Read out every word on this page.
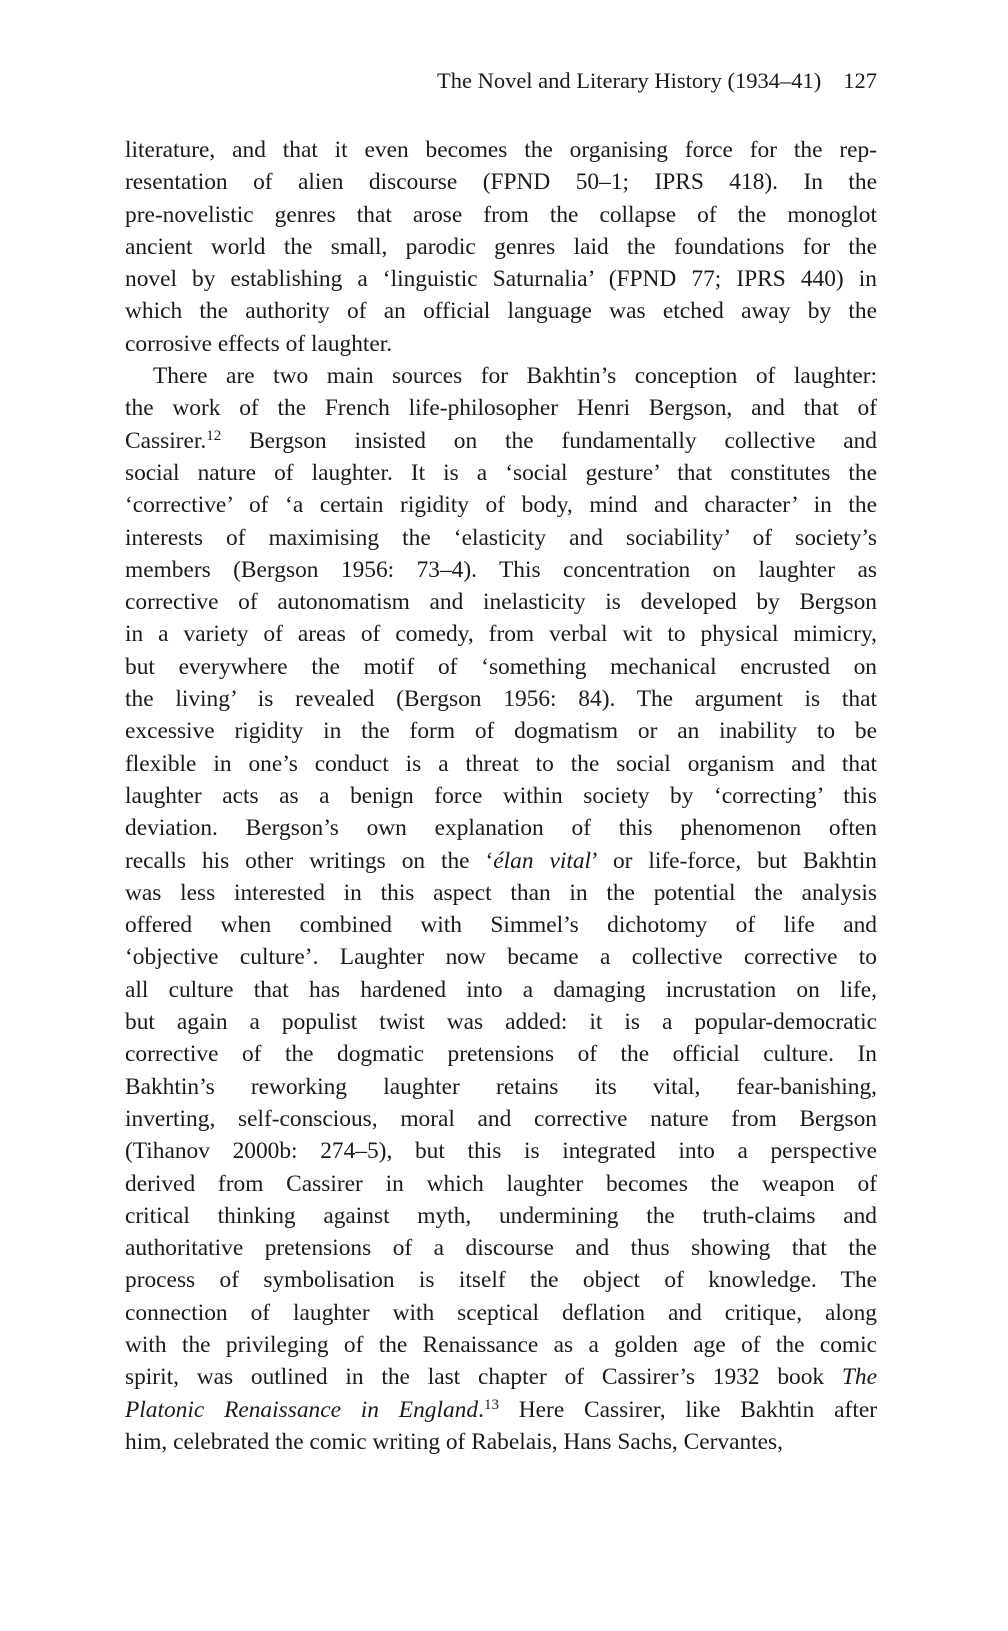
The Novel and Literary History (1934–41) 127
literature, and that it even becomes the organising force for the rep-
resentation of alien discourse (FPND 50–1; IPRS 418). In the
pre-novelistic genres that arose from the collapse of the monoglot
ancient world the small, parodic genres laid the foundations for the
novel by establishing a ‘linguistic Saturnalia’ (FPND 77; IPRS 440) in
which the authority of an official language was etched away by the
corrosive effects of laughter.
There are two main sources for Bakhtin’s conception of laughter:
the work of the French life-philosopher Henri Bergson, and that of
Cassirer.$^{12}$ Bergson insisted on the fundamentally collective and
social nature of laughter. It is a ‘social gesture’ that constitutes the
‘corrective’ of ‘a certain rigidity of body, mind and character’ in the
interests of maximising the ‘elasticity and sociability’ of society’s
members (Bergson 1956: 73–4). This concentration on laughter as
corrective of autonomatism and inelasticity is developed by Bergson
in a variety of areas of comedy, from verbal wit to physical mimicry,
but everywhere the motif of ‘something mechanical encrusted on
the living’ is revealed (Bergson 1956: 84). The argument is that
excessive rigidity in the form of dogmatism or an inability to be
flexible in one’s conduct is a threat to the social organism and that
laughter acts as a benign force within society by ‘correcting’ this
deviation. Bergson’s own explanation of this phenomenon often
recalls his other writings on the ‘élan vital’ or life-force, but Bakhtin
was less interested in this aspect than in the potential the analysis
offered when combined with Simmel’s dichotomy of life and
‘objective culture’. Laughter now became a collective corrective to
all culture that has hardened into a damaging incrustation on life,
but again a populist twist was added: it is a popular-democratic
corrective of the dogmatic pretensions of the official culture. In
Bakhtin’s reworking laughter retains its vital, fear-banishing,
inverting, self-conscious, moral and corrective nature from Bergson
(Tihanov 2000b: 274–5), but this is integrated into a perspective
derived from Cassirer in which laughter becomes the weapon of
critical thinking against myth, undermining the truth-claims and
authoritative pretensions of a discourse and thus showing that the
process of symbolisation is itself the object of knowledge. The
connection of laughter with sceptical deflation and critique, along
with the privileging of the Renaissance as a golden age of the comic
spirit, was outlined in the last chapter of Cassirer’s 1932 book The
Platonic Renaissance in England.$^{13}$ Here Cassirer, like Bakhtin after
him, celebrated the comic writing of Rabelais, Hans Sachs, Cervantes,
